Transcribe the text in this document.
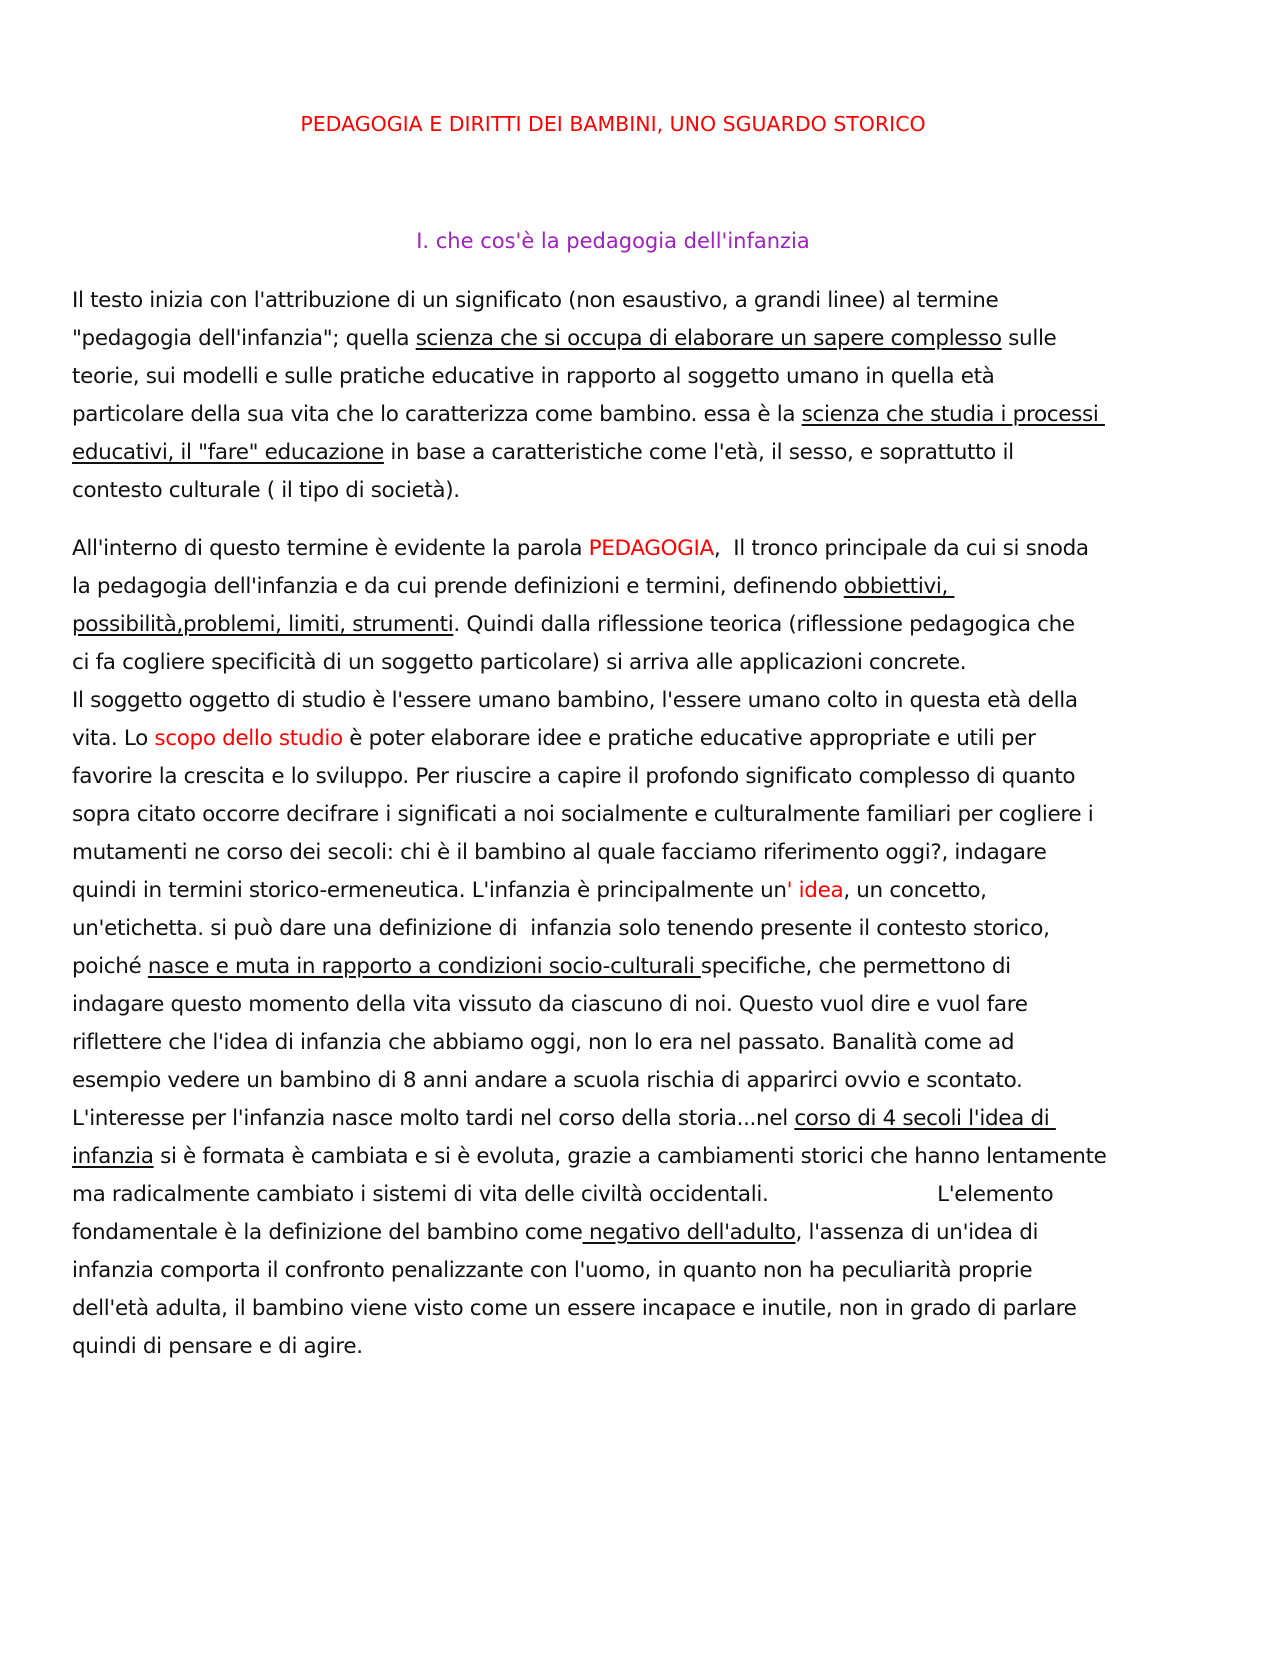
PEDAGOGIA E DIRITTI DEI BAMBINI, UNO SGUARDO STORICO
I. che cos'è la pedagogia dell'infanzia
Il testo inizia con l'attribuzione di un significato (non esaustivo, a grandi linee) al termine
"pedagogia dell'infanzia"; quella scienza che si occupa di elaborare un sapere complesso sulle
teorie, sui modelli e sulle pratiche educative in rapporto al soggetto umano in quella età
particolare della sua vita che lo caratterizza come bambino. essa è la scienza che studia i processi
educativi, il "fare" educazione in base a caratteristiche come l'età, il sesso, e soprattutto il
contesto culturale ( il tipo di società).
All'interno di questo termine è evidente la parola PEDAGOGIA,  Il tronco principale da cui si snoda
la pedagogia dell'infanzia e da cui prende definizioni e termini, definendo obbiettivi,
possibilità,problemi, limiti, strumenti. Quindi dalla riflessione teorica (riflessione pedagogica che
ci fa cogliere specificità di un soggetto particolare) si arriva alle applicazioni concrete.
Il soggetto oggetto di studio è l'essere umano bambino, l'essere umano colto in questa età della
vita. Lo scopo dello studio è poter elaborare idee e pratiche educative appropriate e utili per
favorire la crescita e lo sviluppo. Per riuscire a capire il profondo significato complesso di quanto
sopra citato occorre decifrare i significati a noi socialmente e culturalmente familiari per cogliere i
mutamenti ne corso dei secoli: chi è il bambino al quale facciamo riferimento oggi?, indagare
quindi in termini storico-ermeneutica. L'infanzia è principalmente un' idea, un concetto,
un'etichetta. si può dare una definizione di  infanzia solo tenendo presente il contesto storico,
poiché nasce e muta in rapporto a condizioni socio-culturali specifiche, che permettono di
indagare questo momento della vita vissuto da ciascuno di noi. Questo vuol dire e vuol fare
riflettere che l'idea di infanzia che abbiamo oggi, non lo era nel passato. Banalità come ad
esempio vedere un bambino di 8 anni andare a scuola rischia di apparirci ovvio e scontato.
L'interesse per l'infanzia nasce molto tardi nel corso della storia...nel corso di 4 secoli l'idea di
infanzia si è formata è cambiata e si è evoluta, grazie a cambiamenti storici che hanno lentamente
ma radicalmente cambiato i sistemi di vita delle civiltà occidentali.                          L'elemento
fondamentale è la definizione del bambino come negativo dell'adulto, l'assenza di un'idea di
infanzia comporta il confronto penalizzante con l'uomo, in quanto non ha peculiarità proprie
dell'età adulta, il bambino viene visto come un essere incapace e inutile, non in grado di parlare
quindi di pensare e di agire.
